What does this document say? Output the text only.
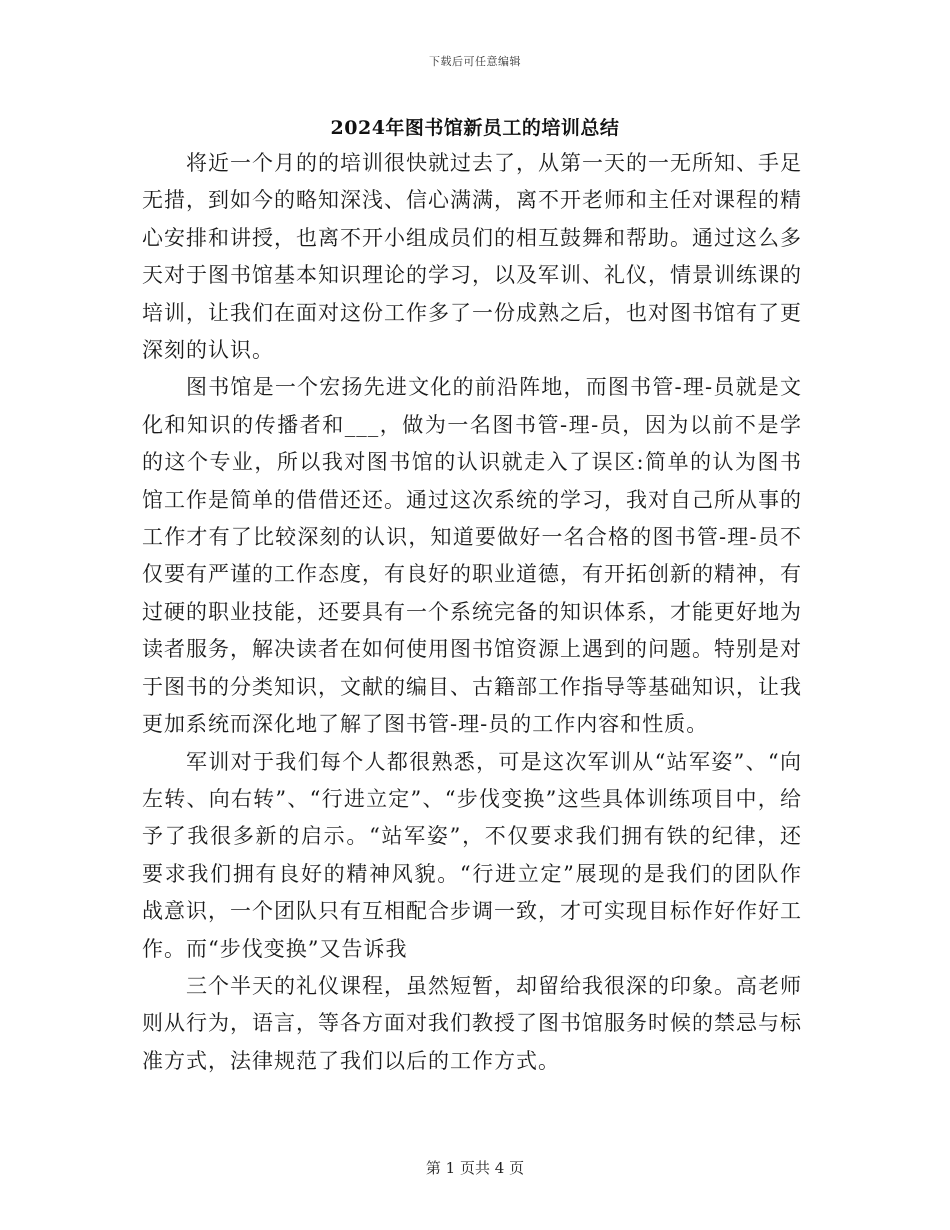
下载后可任意编辑
2024年图书馆新员工的培训总结

将近一个月的的培训很快就过去了，从第一天的一无所知、手足无措，到如今的略知深浅、信心满满，离不开老师和主任对课程的精心安排和讲授，也离不开小组成员们的相互鼓舞和帮助。通过这么多天对于图书馆基本知识理论的学习，以及军训、礼仪，情景训练课的培训，让我们在面对这份工作多了一份成熟之后，也对图书馆有了更深刻的认识。

图书馆是一个宏扬先进文化的前沿阵地，而图书管-理-员就是文化和知识的传播者和___，做为一名图书管-理-员，因为以前不是学的这个专业，所以我对图书馆的认识就走入了误区:简单的认为图书馆工作是简单的借借还还。通过这次系统的学习，我对自己所从事的工作才有了比较深刻的认识，知道要做好一名合格的图书管-理-员不仅要有严谨的工作态度，有良好的职业道德，有开拓创新的精神，有过硬的职业技能，还要具有一个系统完备的知识体系，才能更好地为读者服务，解决读者在如何使用图书馆资源上遇到的问题。特别是对于图书的分类知识，文献的编目、古籍部工作指导等基础知识，让我更加系统而深化地了解了图书管-理-员的工作内容和性质。

军训对于我们每个人都很熟悉，可是这次军训从“站军姿”、“向左转、向右转”、“行进立定”、“步伐变换”这些具体训练项目中，给予了我很多新的启示。“站军姿”，不仅要求我们拥有铁的纪律，还要求我们拥有良好的精神风貌。“行进立定”展现的是我们的团队作战意识，一个团队只有互相配合步调一致，才可实现目标作好作好工作。而“步伐变换”又告诉我

三个半天的礼仪课程，虽然短暂，却留给我很深的印象。高老师则从行为，语言，等各方面对我们教授了图书馆服务时候的禁忌与标准方式，法律规范了我们以后的工作方式。

第 1 页共 4 页
